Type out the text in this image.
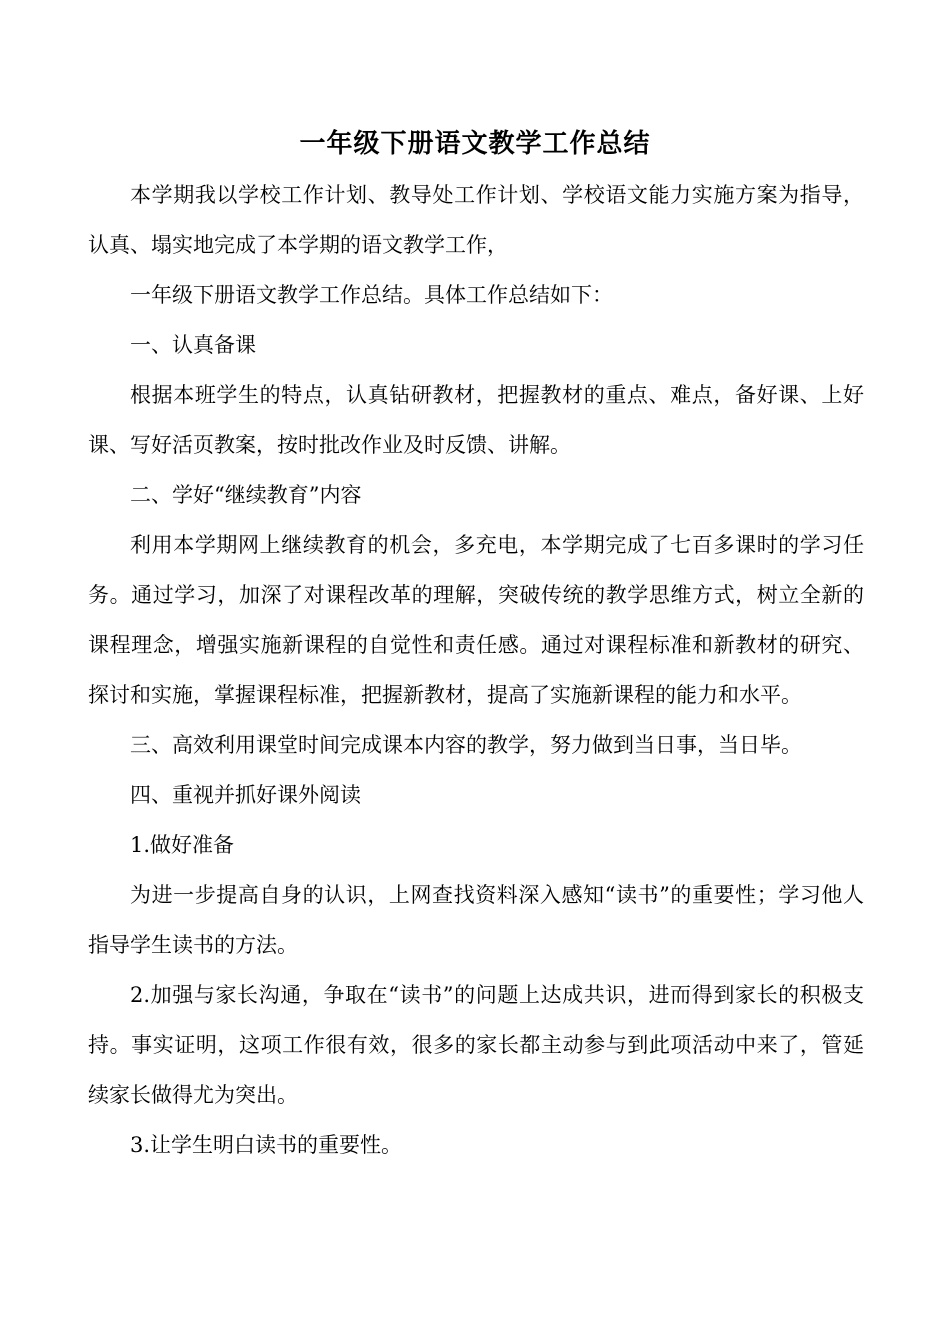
一年级下册语文教学工作总结

本学期我以学校工作计划、教导处工作计划、学校语文能力实施方案为指导，认真、塌实地完成了本学期的语文教学工作，

一年级下册语文教学工作总结。具体工作总结如下：

一、认真备课

根据本班学生的特点，认真钻研教材，把握教材的重点、难点，备好课、上好课、写好活页教案，按时批改作业及时反馈、讲解。

二、学好“继续教育”内容

利用本学期网上继续教育的机会，多充电，本学期完成了七百多课时的学习任务。通过学习，加深了对课程改革的理解，突破传统的教学思维方式，树立全新的课程理念，增强实施新课程的自觉性和责任感。通过对课程标准和新教材的研究、探讨和实施，掌握课程标准，把握新教材，提高了实施新课程的能力和水平。

三、高效利用课堂时间完成课本内容的教学，努力做到当日事，当日毕。

四、重视并抓好课外阅读

1.做好准备

为进一步提高自身的认识，上网查找资料深入感知“读书”的重要性；学习他人指导学生读书的方法。

2.加强与家长沟通，争取在“读书”的问题上达成共识，进而得到家长的积极支持。事实证明，这项工作很有效，很多的家长都主动参与到此项活动中来了，管延续家长做得尤为突出。

3.让学生明白读书的重要性。
